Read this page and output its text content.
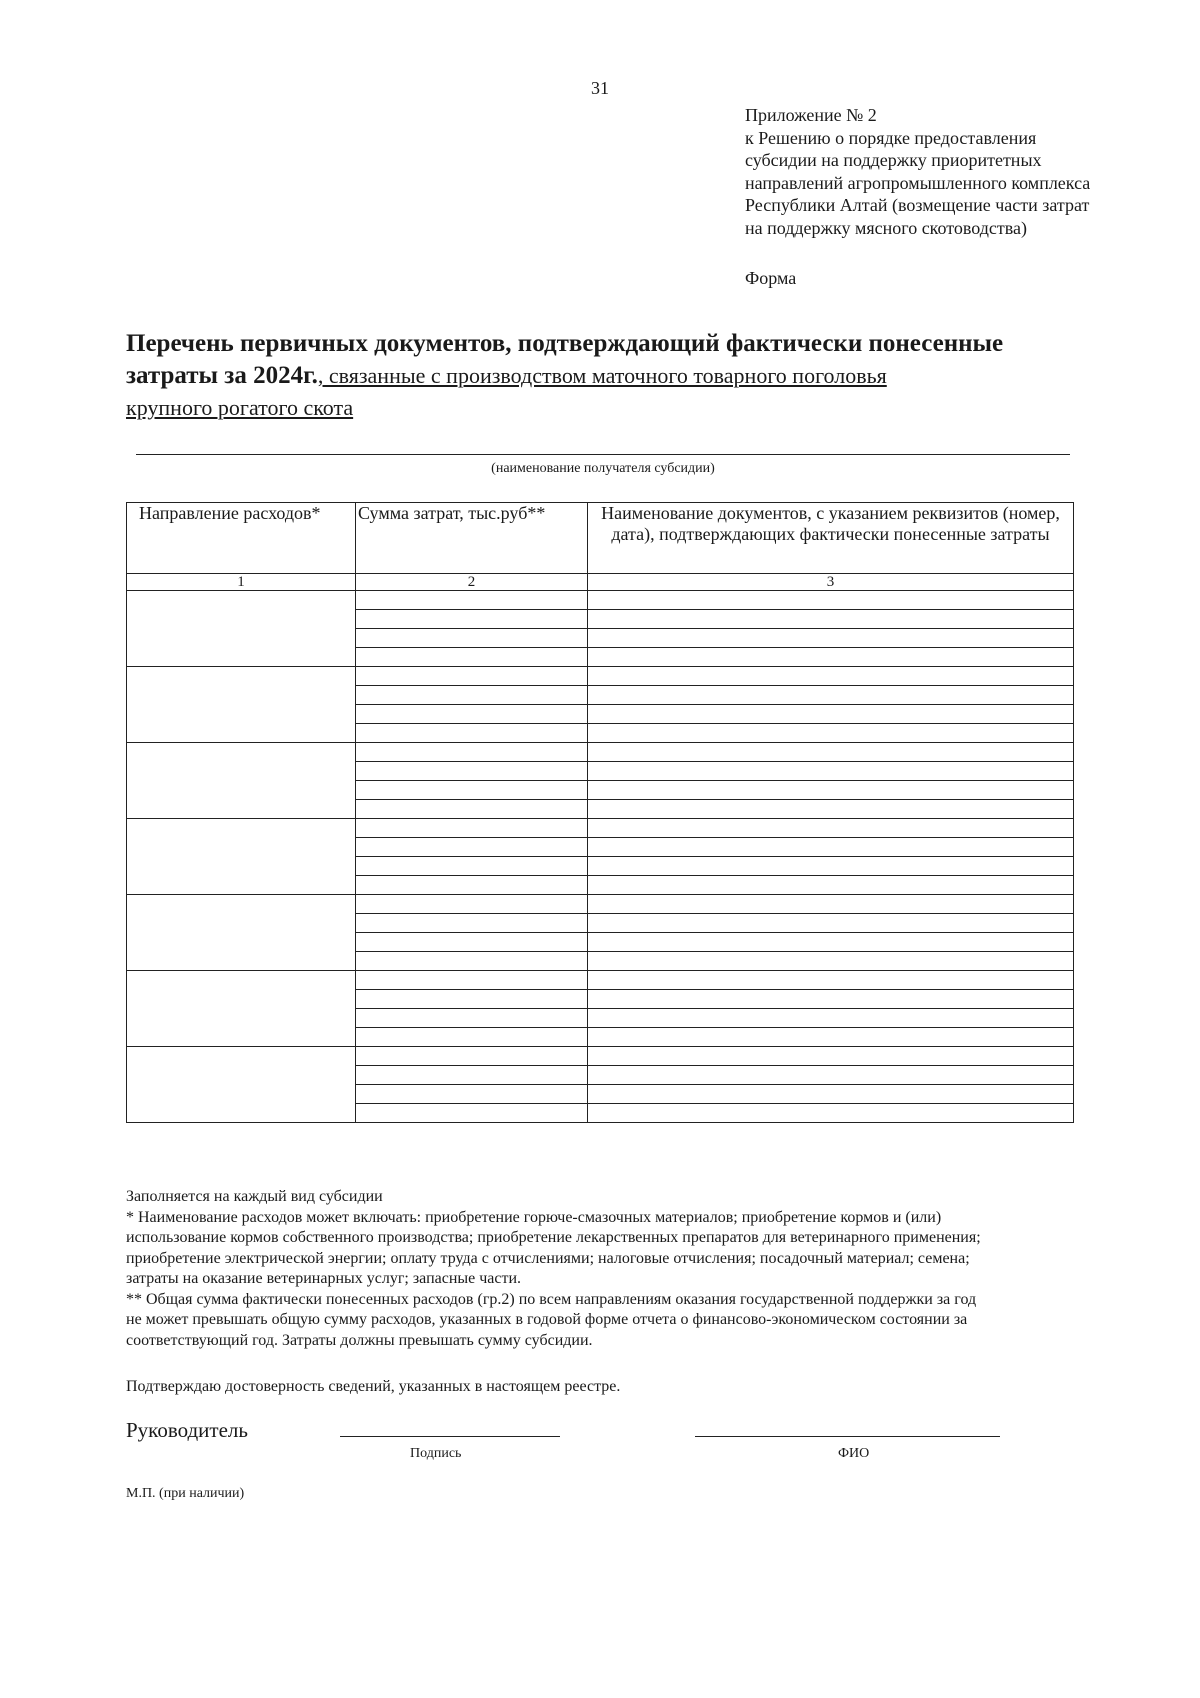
31
Приложение № 2
к Решению о порядке предоставления
субсидии на поддержку приоритетных
направлений агропромышленного комплекса
Республики Алтай (возмещение части затрат
на поддержку мясного скотоводства)
Форма
Перечень первичных документов, подтверждающий фактически понесенные
затраты за 2024г., связанные с производством маточного товарного поголовья
крупного рогатого скота
(наименование получателя субсидии)
Направление расходов*	Сумма затрат, тыс.руб**	Наименование документов, с указанием реквизитов (номер, дата), подтверждающих фактически понесенные затраты
1	2	3

Заполняется на каждый вид субсидии
* Наименование расходов может включать: приобретение горюче-смазочных материалов; приобретение кормов и (или)
использование кормов собственного производства; приобретение лекарственных препаратов для ветеринарного применения;
приобретение электрической энергии; оплату труда с отчислениями; налоговые отчисления; посадочный материал; семена;
затраты на оказание ветеринарных услуг; запасные части.
** Общая сумма фактически понесенных расходов (гр.2) по всем направлениям оказания государственной поддержки за год
не может превышать общую сумму расходов, указанных в годовой форме отчета о финансово-экономическом состоянии за
соответствующий год. Затраты должны превышать сумму субсидии.
Подтверждаю достоверность сведений, указанных в настоящем реестре.
Руководитель
Подпись	ФИО
М.П. (при наличии)
